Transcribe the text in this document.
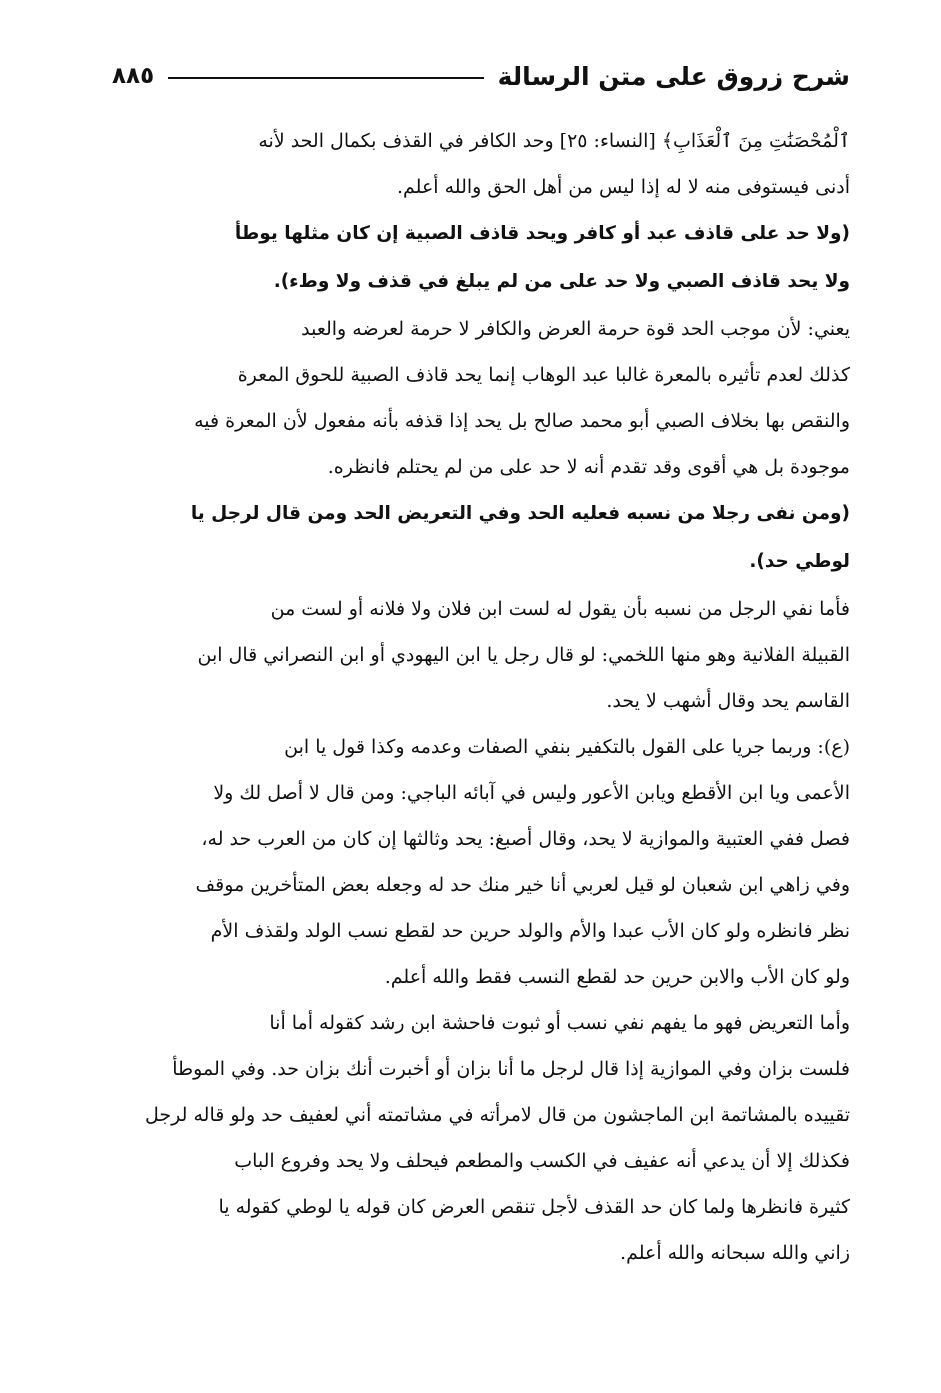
شرح زروق على متن الرسالة
٨٨٥
ٱلْمُحْصَنَٰتِ مِنَ ٱلْعَذَابِ﴾ [النساء: ٢٥] وحد الكافر في القذف بكمال الحد لأنه
أدنى فيستوفى منه لا له إذا ليس من أهل الحق والله أعلم.
(ولا حد على قاذف عبد أو كافر ويحد قاذف الصبية إن كان مثلها يوطأ
ولا يحد قاذف الصبي ولا حد على من لم يبلغ في قذف ولا وطء).
يعني: لأن موجب الحد قوة حرمة العرض والكافر لا حرمة لعرضه والعبد
كذلك لعدم تأثيره بالمعرة غالبا عبد الوهاب إنما يحد قاذف الصبية للحوق المعرة
والنقص بها بخلاف الصبي أبو محمد صالح بل يحد إذا قذفه بأنه مفعول لأن المعرة فيه
موجودة بل هي أقوى وقد تقدم أنه لا حد على من لم يحتلم فانظره.
(ومن نفى رجلا من نسبه فعليه الحد وفي التعريض الحد ومن قال لرجل يا
لوطي حد).
فأما نفي الرجل من نسبه بأن يقول له لست ابن فلان ولا فلانه أو لست من
القبيلة الفلانية وهو منها اللخمي: لو قال رجل يا ابن اليهودي أو ابن النصراني قال ابن
القاسم يحد وقال أشهب لا يحد.
(ع): وربما جريا على القول بالتكفير بنفي الصفات وعدمه وكذا قول يا ابن
الأعمى ويا ابن الأقطع ويابن الأعور وليس في آبائه الباجي: ومن قال لا أصل لك ولا
فصل ففي العتبية والموازية لا يحد، وقال أصبغ: يحد وثالثها إن كان من العرب حد له،
وفي زاهي ابن شعبان لو قيل لعربي أنا خير منك حد له وجعله بعض المتأخرين موقف
نظر فانظره ولو كان الأب عبدا والأم والولد حرين حد لقطع نسب الولد ولقذف الأم
ولو كان الأب والابن حرين حد لقطع النسب فقط والله أعلم.
وأما التعريض فهو ما يفهم نفي نسب أو ثبوت فاحشة ابن رشد كقوله أما أنا
فلست بزان وفي الموازية إذا قال لرجل ما أنا بزان أو أخبرت أنك بزان حد. وفي الموطأ
تقييده بالمشاتمة ابن الماجشون من قال لامرأته في مشاتمته أني لعفيف حد ولو قاله لرجل
فكذلك إلا أن يدعي أنه عفيف في الكسب والمطعم فيحلف ولا يحد وفروع الباب
كثيرة فانظرها ولما كان حد القذف لأجل تنقص العرض كان قوله يا لوطي كقوله يا
زاني والله سبحانه والله أعلم.
